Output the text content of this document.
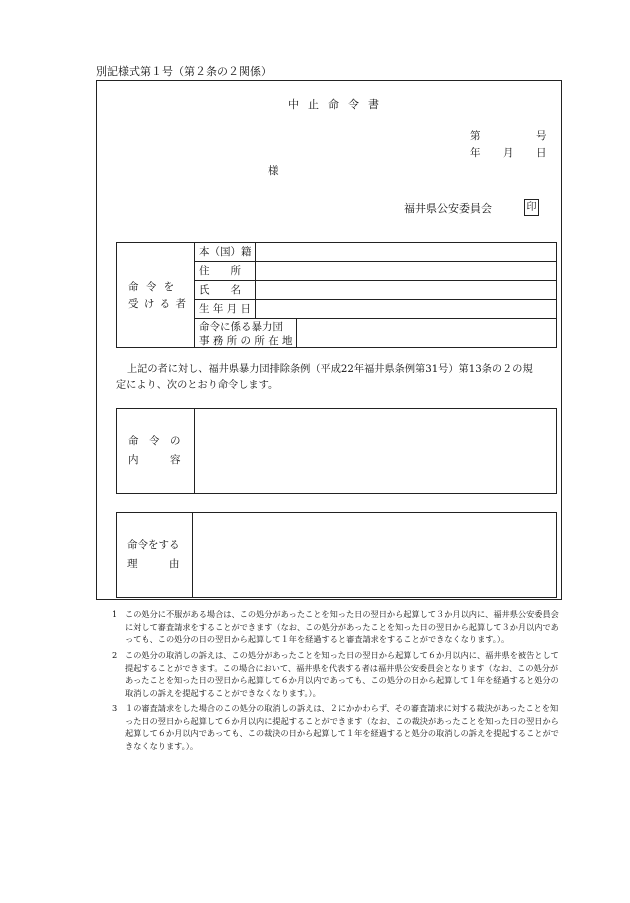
別記様式第１号（第２条の２関係）
中止命令書
第	号
年 月 日
様
福井県公安委員会	印
命 令 を
受 け る 者
本（国）籍
住　　所
氏　　名
生 年 月 日
命令に係る暴力団
事 務 所 の 所 在 地
上記の者に対し、福井県暴力団排除条例（平成22年福井県条例第31号）第13条の２の規
定により、次のとおり命令します。
命　令　の
内　　　容
命令をする
理　　　由
1 この処分に不服がある場合は、この処分があったことを知った日の翌日から起算して３か月以内に、福井県公安委員会に対して審査請求をすることができます（なお、この処分があったことを知った日の翌日から起算して３か月以内であっても、この処分の日の翌日から起算して１年を経過すると審査請求をすることができなくなります。）。
2 この処分の取消しの訴えは、この処分があったことを知った日の翌日から起算して６か月以内に、福井県を被告として提起することができます。この場合において、福井県を代表する者は福井県公安委員会となります（なお、この処分があったことを知った日の翌日から起算して６か月以内であっても、この処分の日から起算して１年を経過すると処分の取消しの訴えを提起することができなくなります。）。
3 １の審査請求をした場合のこの処分の取消しの訴えは、２にかかわらず、その審査請求に対する裁決があったことを知った日の翌日から起算して６か月以内に提起することができます（なお、この裁決があったことを知った日の翌日から起算して６か月以内であっても、この裁決の日から起算して１年を経過すると処分の取消しの訴えを提起することができなくなります。）。
